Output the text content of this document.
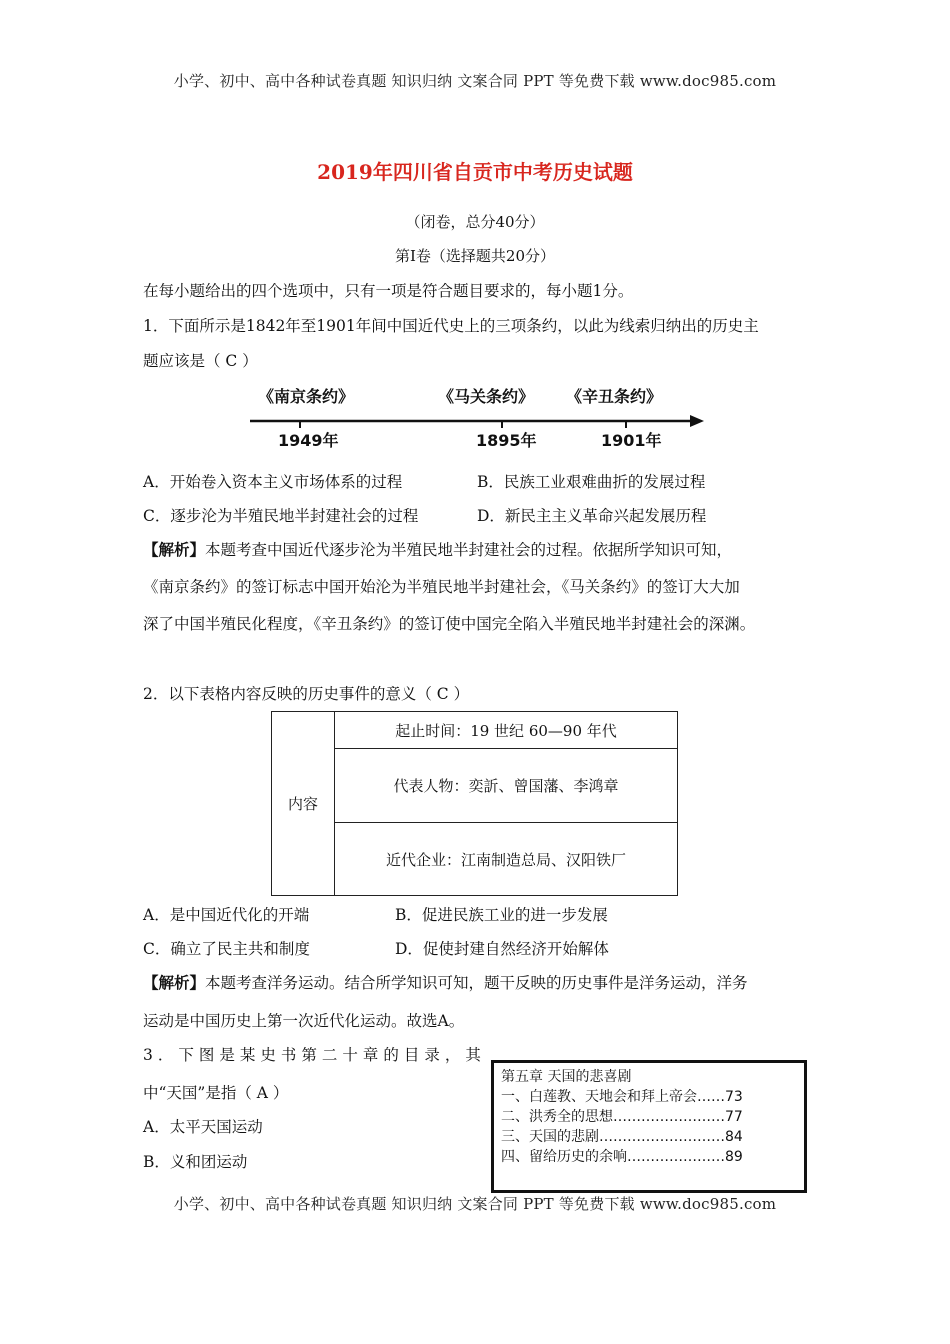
小学、初中、高中各种试卷真题 知识归纳 文案合同 PPT 等免费下载 www.doc985.com
2019年四川省自贡市中考历史试题
（闭卷，总分40分）
第Ⅰ卷（选择题共20分）
在每小题给出的四个选项中，只有一项是符合题目要求的，每小题1分。
1．下面所示是1842年至1901年间中国近代史上的三项条约，以此为线索归纳出的历史主
题应该是（ C ）
《南京条约》	《马关条约》 《辛丑条约》
1949年	1895年	1901年
A．开始卷入资本主义市场体系的过程	B．民族工业艰难曲折的发展过程
C．逐步沦为半殖民地半封建社会的过程	D．新民主主义革命兴起发展历程
【解析】本题考查中国近代逐步沦为半殖民地半封建社会的过程。依据所学知识可知，
《南京条约》的签订标志中国开始沦为半殖民地半封建社会，《马关条约》的签订大大加
深了中国半殖民化程度，《辛丑条约》的签订使中国完全陷入半殖民地半封建社会的深渊。
2．以下表格内容反映的历史事件的意义（ C ）
内容	起止时间：19 世纪 60—90 年代
代表人物：奕訢、曾国藩、李鸿章
近代企业：江南制造总局、汉阳铁厂
A．是中国近代化的开端	B．促进民族工业的进一步发展
C．确立了民主共和制度	D．促使封建自然经济开始解体
【解析】本题考查洋务运动。结合所学知识可知，题干反映的历史事件是洋务运动，洋务
运动是中国历史上第一次近代化运动。故选A。
3．下图是某史书第二十章的目录，其
中“天国”是指（ A ）
A．太平天国运动
B．义和团运动
第五章 天国的悲喜剧
一、白莲教、天地会和拜上帝会……73
二、洪秀全的思想……………………77
三、天国的悲剧………………………84
四、留给历史的余响…………………89
小学、初中、高中各种试卷真题 知识归纳 文案合同 PPT 等免费下载 www.doc985.com
